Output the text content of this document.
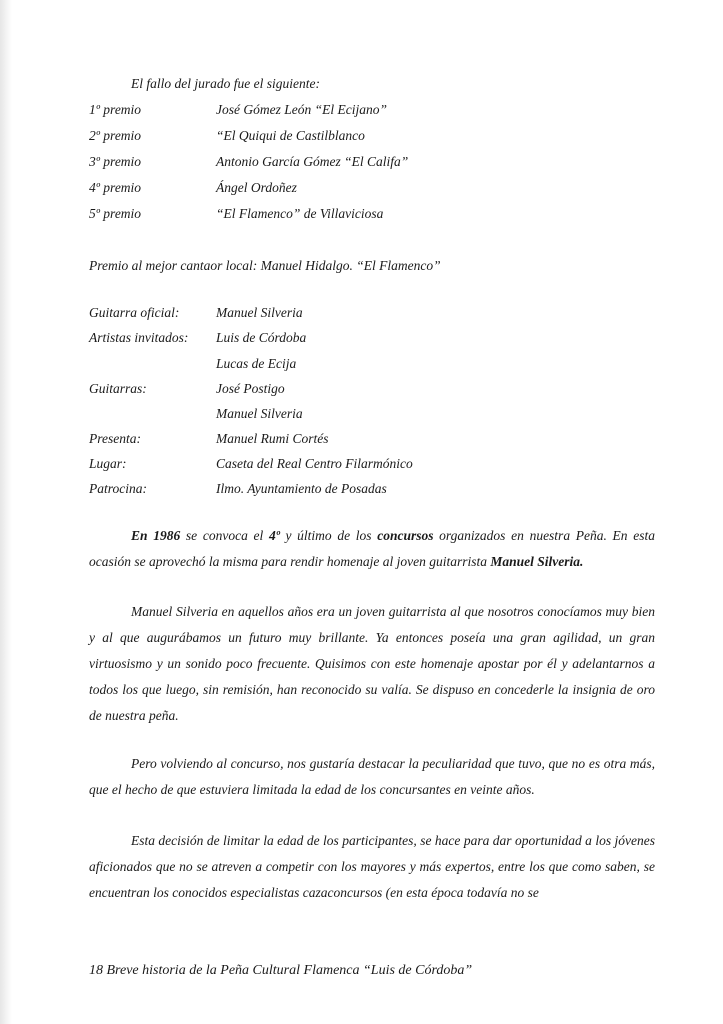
El fallo del jurado fue el siguiente:
1º premio	José Gómez León “El Ecijano”
2º premio	“El Quiqui de Castilblanco
3º premio	Antonio García Gómez “El Califa”
4º premio	Ángel Ordoñez
5º premio	“El Flamenco” de Villaviciosa
Premio al mejor cantaor local: Manuel Hidalgo. “El Flamenco”
Guitarra oficial:	Manuel Silveria
Artistas invitados: Luis de Córdoba
Lucas de Ecija
Guitarras:	José Postigo
Manuel Silveria
Presenta:	Manuel Rumi Cortés
Lugar:	Caseta del Real Centro Filarmónico
Patrocina:	Ilmo. Ayuntamiento de Posadas
En 1986 se convoca el 4º y último de los concursos organizados en nuestra Peña. En esta ocasión se aprovechó la misma para rendir homenaje al joven guitarrista Manuel Silveria.
Manuel Silveria en aquellos años era un joven guitarrista al que nosotros conocíamos muy bien y al que augurábamos un futuro muy brillante. Ya entonces poseía una gran agilidad, un gran virtuosismo y un sonido poco frecuente. Quisimos con este homenaje apostar por él y adelantarnos a todos los que luego, sin remisión, han reconocido su valía. Se dispuso en concederle la insignia de oro de nuestra peña.
Pero volviendo al concurso, nos gustaría destacar la peculiaridad que tuvo, que no es otra más, que el hecho de que estuviera limitada la edad de los concursantes en veinte años.
Esta decisión de limitar la edad de los participantes, se hace para dar oportunidad a los jóvenes aficionados que no se atreven a competir con los mayores y más expertos, entre los que como saben, se encuentran los conocidos especialistas cazaconcursos (en esta época todavía no se
18 Breve historia de la Peña Cultural Flamenca “Luis de Córdoba”
